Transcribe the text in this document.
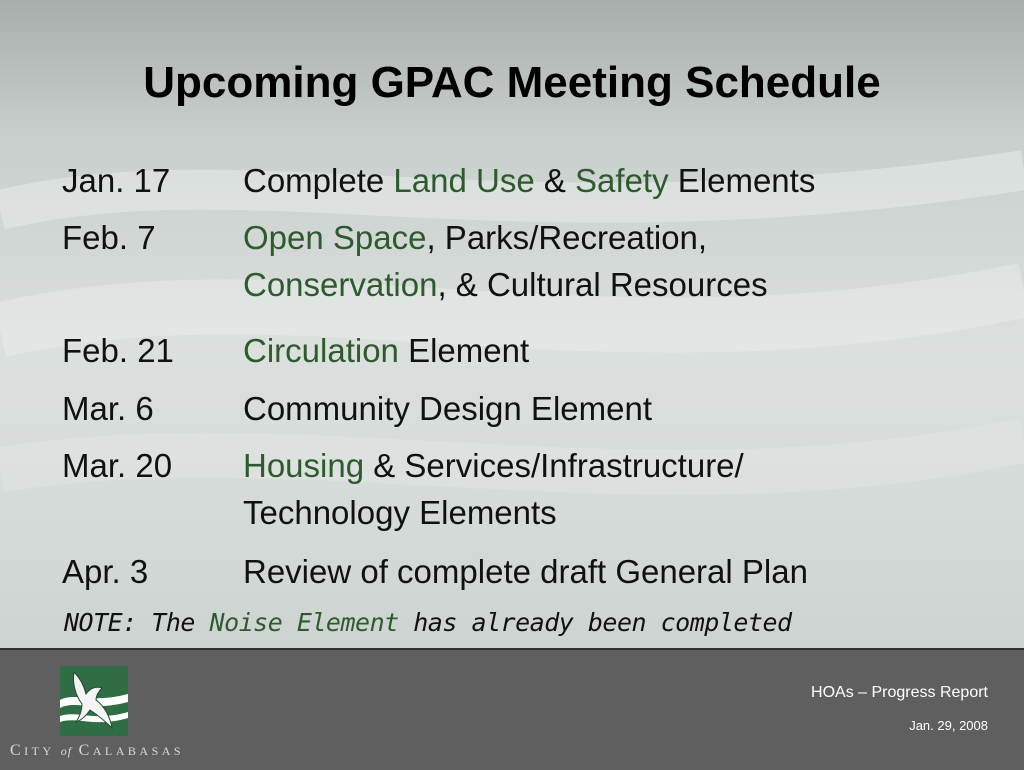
Upcoming GPAC Meeting Schedule
Jan. 17 Complete Land Use & Safety Elements
Feb. 7	Open Space, Parks/Recreation,
Conservation, & Cultural Resources
Feb. 21 Circulation Element
Mar. 6	Community Design Element
Mar. 20 Housing & Services/Infrastructure/
Technology Elements
Apr. 3	Review of complete draft General Plan
NOTE: The Noise Element has already been completed
CITY of CALABASAS
HOAs – Progress Report
Jan. 29, 2008
